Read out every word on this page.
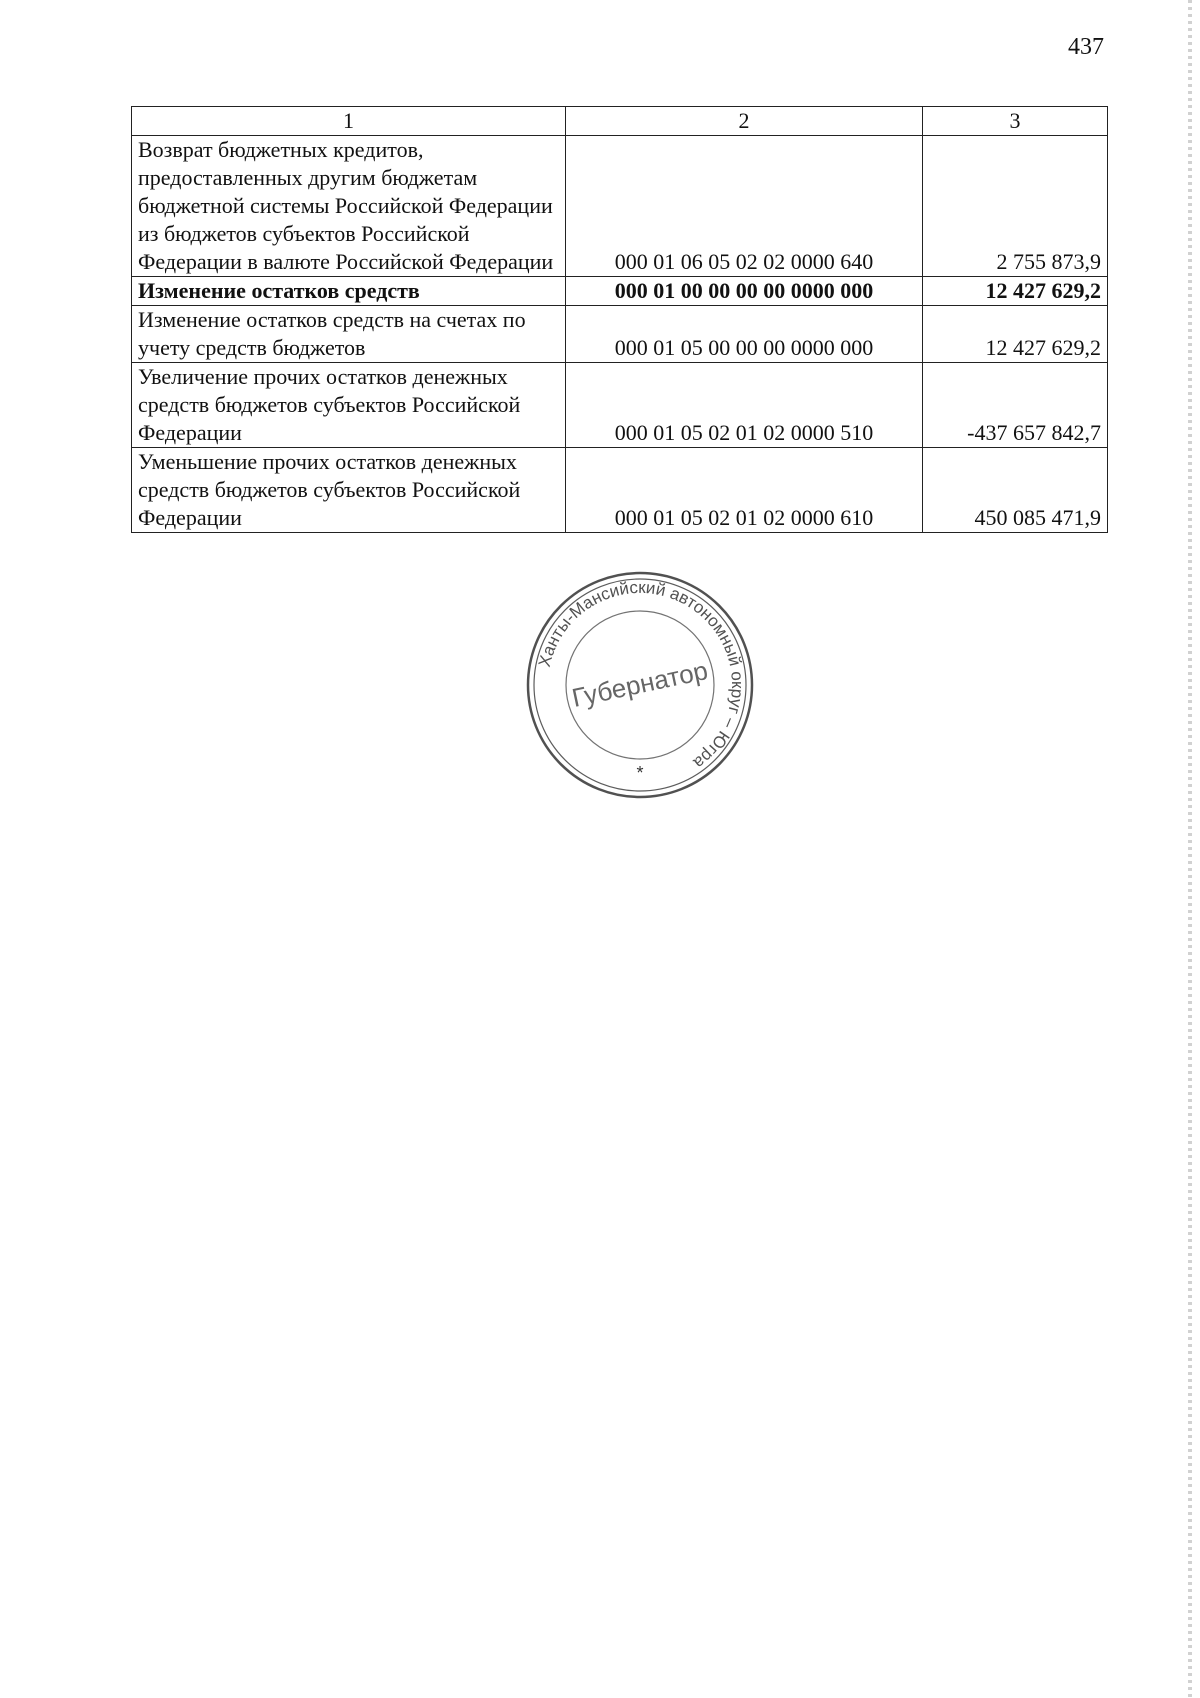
437
1	2	3
Возврат бюджетных кредитов, предоставленных другим бюджетам бюджетной системы Российской Федерации из бюджетов субъектов Российской Федерации в валюте Российской Федерации	000 01 06 05 02 02 0000 640	2 755 873,9
Изменение остатков средств	000 01 00 00 00 00 0000 000	12 427 629,2
Изменение остатков средств на счетах по учету средств бюджетов	000 01 05 00 00 00 0000 000	12 427 629,2
Увеличение прочих остатков денежных средств бюджетов субъектов Российской Федерации	000 01 05 02 01 02 0000 510	-437 657 842,7
Уменьшение прочих остатков денежных средств бюджетов субъектов Российской Федерации	000 01 05 02 01 02 0000 610	450 085 471,9
Ханты-Мансийский автономный округ – Югра
Губернатор
*
